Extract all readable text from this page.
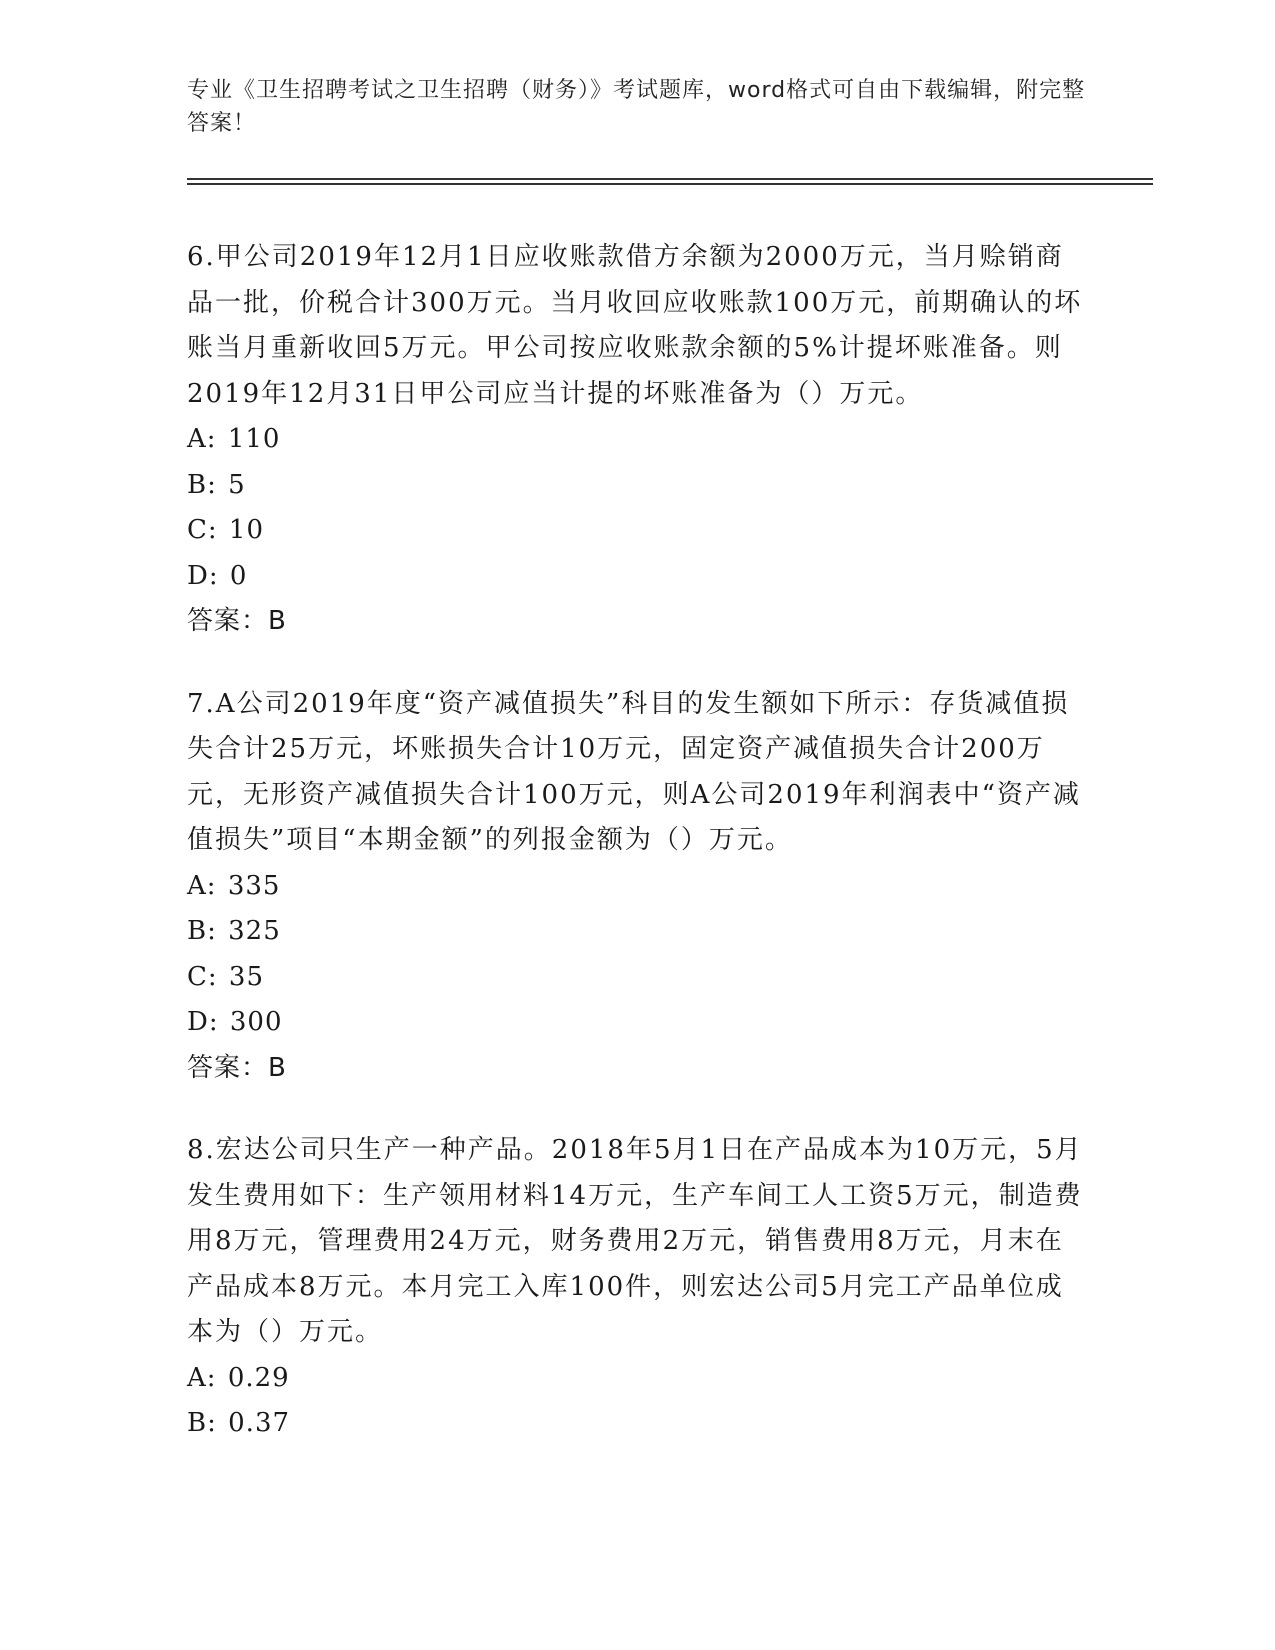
专业《卫生招聘考试之卫生招聘（财务）》考试题库，word格式可自由下载编辑，附完整答案！

6.甲公司2019年12月1日应收账款借方余额为2000万元，当月赊销商品一批，价税合计300万元。当月收回应收账款100万元，前期确认的坏账当月重新收回5万元。甲公司按应收账款余额的5%计提坏账准备。则2019年12月31日甲公司应当计提的坏账准备为（）万元。

A: 110

B: 5

C: 10

D: 0

答案：B

7.A公司2019年度“资产减值损失”科目的发生额如下所示：存货减值损失合计25万元，坏账损失合计10万元，固定资产减值损失合计200万元，无形资产减值损失合计100万元，则A公司2019年利润表中“资产减值损失”项目“本期金额”的列报金额为（）万元。

A: 335

B: 325

C: 35

D: 300

答案：B

8.宏达公司只生产一种产品。2018年5月1日在产品成本为10万元，5月发生费用如下：生产领用材料14万元，生产车间工人工资5万元，制造费用8万元，管理费用24万元，财务费用2万元，销售费用8万元，月末在产品成本8万元。本月完工入库100件，则宏达公司5月完工产品单位成本为（）万元。

A: 0.29

B: 0.37
